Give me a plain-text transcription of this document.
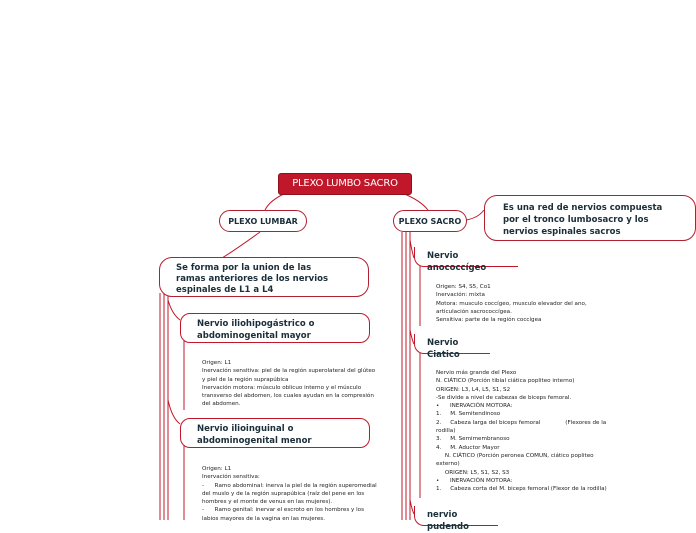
PLEXO LUMBO SACRO
PLEXO LUMBAR	PLEXO SACRO
Es una red de nervios compuesta por el tronco lumbosacro y los nervios espinales sacros
Se forma por la union de las ramas anteriores de los nervios espinales de L1 a L4
Nervio iliohipogástrico o abdominogenital mayor
Origen: L1
Inervación sensitiva: piel de la región superolateral del glúteo y piel de la región suprapúbica
Inervación motora: músculo oblicuo interno y el músculo transverso del abdomen, los cuales ayudan en la compresión del abdomen.
Nervio ilioinguinal o abdominogenital menor
Origen: L1
Inervación sensitiva:
-      Ramo abdominal: inerva la piel de la región superomedial del muslo y de la región suprapúbica (raíz del pene en los hombres y el monte de venus en las mujeres).
-      Ramo genital: inervar el escroto en los hombres y los labios mayores de la vagina en las mujeres.
Nervio anococcígeo
Origen: S4, S5, Co1
Inervación: mixta
Motora: musculo coccígeo, musculo elevador del ano, articulación sacrococcígea.
Sensitiva: parte de la región coccígea
Nervio Ciatico
Nervio más grande del Plexo
N. CIÁTICO (Porción tibial ciática popliteo interno)
ORIGEN: L3, L4, L5, S1, S2
-Se divide a nivel de cabezas de biceps femoral.
•      INERVACIÓN MOTORA:
1.     M. Semitendinoso
2.     Cabeza larga del biceps femoral              (Flexores de la rodilla)
3.     M. Semimembranoso
4.     M. Aductor Mayor
N. CIÁTICO (Porción peronea COMUN, ciático popliteo externo)
ORIGEN: L5, S1, S2, S3
•      INERVACIÓN MOTORA:
1.     Cabeza corta del M. biceps femoral (Flexor de la rodilla)
nervio pudendo
